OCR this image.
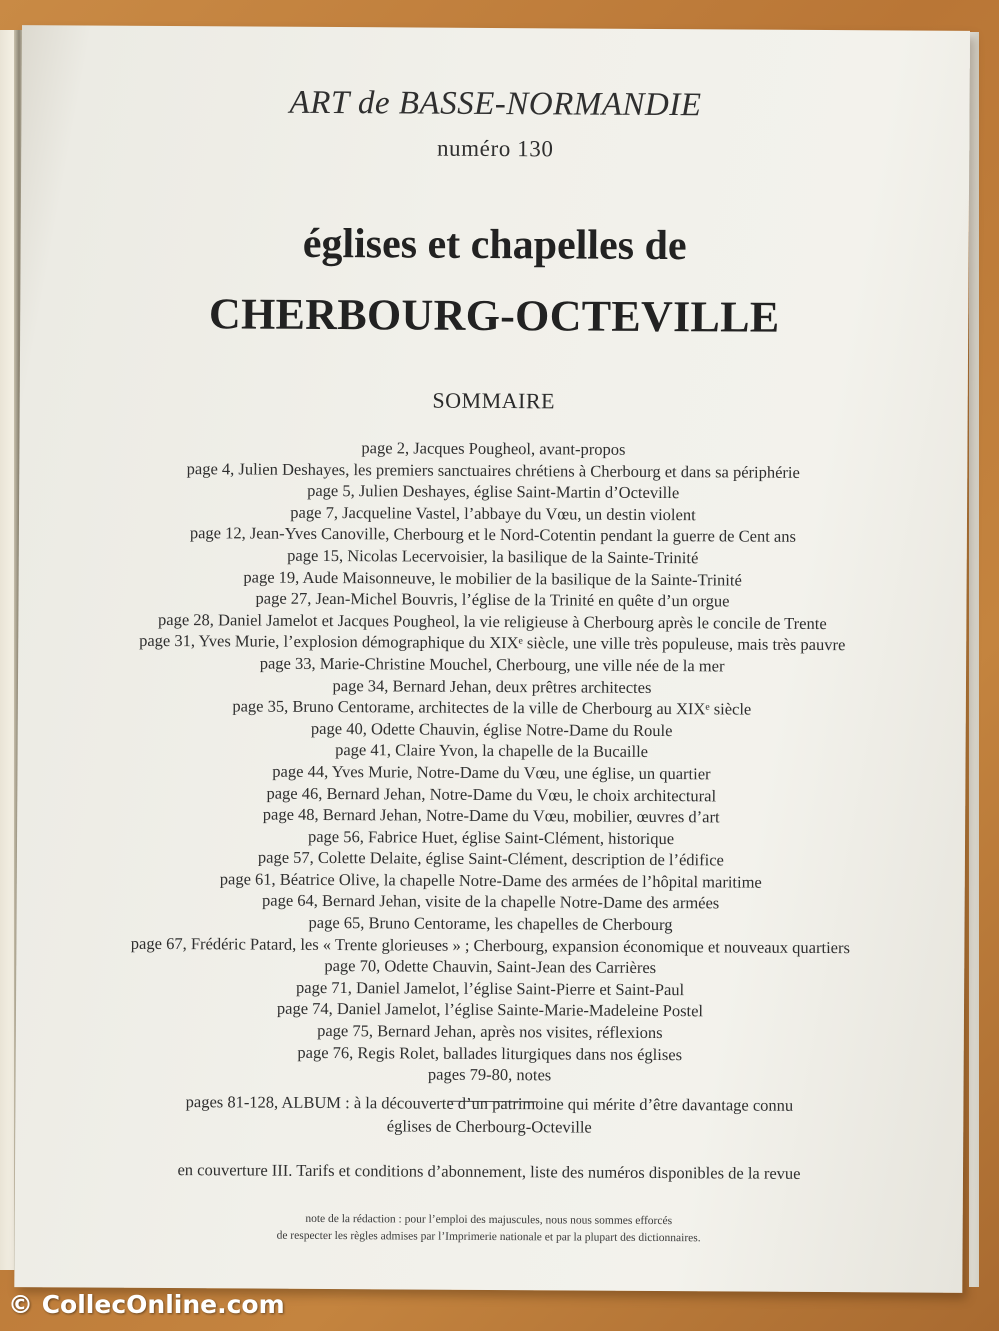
ART de BASSE-NORMANDIE
numéro 130
églises et chapelles de
CHERBOURG-OCTEVILLE
SOMMAIRE
page 2, Jacques Pougheol, avant-propos
page 4, Julien Deshayes, les premiers sanctuaires chrétiens à Cherbourg et dans sa périphérie
page 5, Julien Deshayes, église Saint-Martin d’Octeville
page 7, Jacqueline Vastel, l’abbaye du Vœu, un destin violent
page 12, Jean-Yves Canoville, Cherbourg et le Nord-Cotentin pendant la guerre de Cent ans
page 15, Nicolas Lecervoisier, la basilique de la Sainte-Trinité
page 19, Aude Maisonneuve, le mobilier de la basilique de la Sainte-Trinité
page 27, Jean-Michel Bouvris, l’église de la Trinité en quête d’un orgue
page 28, Daniel Jamelot et Jacques Pougheol, la vie religieuse à Cherbourg après le concile de Trente
page 31, Yves Murie, l’explosion démographique du XIXᵉ siècle, une ville très populeuse, mais très pauvre
page 33, Marie-Christine Mouchel, Cherbourg, une ville née de la mer
page 34, Bernard Jehan, deux prêtres architectes
page 35, Bruno Centorame, architectes de la ville de Cherbourg au XIXᵉ siècle
page 40, Odette Chauvin, église Notre-Dame du Roule
page 41, Claire Yvon, la chapelle de la Bucaille
page 44, Yves Murie, Notre-Dame du Vœu, une église, un quartier
page 46, Bernard Jehan, Notre-Dame du Vœu, le choix architectural
page 48, Bernard Jehan, Notre-Dame du Vœu, mobilier, œuvres d’art
page 56, Fabrice Huet, église Saint-Clément, historique
page 57, Colette Delaite, église Saint-Clément, description de l’édifice
page 61, Béatrice Olive, la chapelle Notre-Dame des armées de l’hôpital maritime
page 64, Bernard Jehan, visite de la chapelle Notre-Dame des armées
page 65, Bruno Centorame, les chapelles de Cherbourg
page 67, Frédéric Patard, les « Trente glorieuses » ; Cherbourg, expansion économique et nouveaux quartiers
page 70, Odette Chauvin, Saint-Jean des Carrières
page 71, Daniel Jamelot, l’église Saint-Pierre et Saint-Paul
page 74, Daniel Jamelot, l’église Sainte-Marie-Madeleine Postel
page 75, Bernard Jehan, après nos visites, réflexions
page 76, Regis Rolet, ballades liturgiques dans nos églises
pages 79-80, notes
pages 81-128, ALBUM : à la découverte d’un patrimoine qui mérite d’être davantage connu
églises de Cherbourg-Octeville
en couverture III. Tarifs et conditions d’abonnement, liste des numéros disponibles de la revue
note de la rédaction : pour l’emploi des majuscules, nous nous sommes efforcés
de respecter les règles admises par l’Imprimerie nationale et par la plupart des dictionnaires.
© CollecOnline.com
